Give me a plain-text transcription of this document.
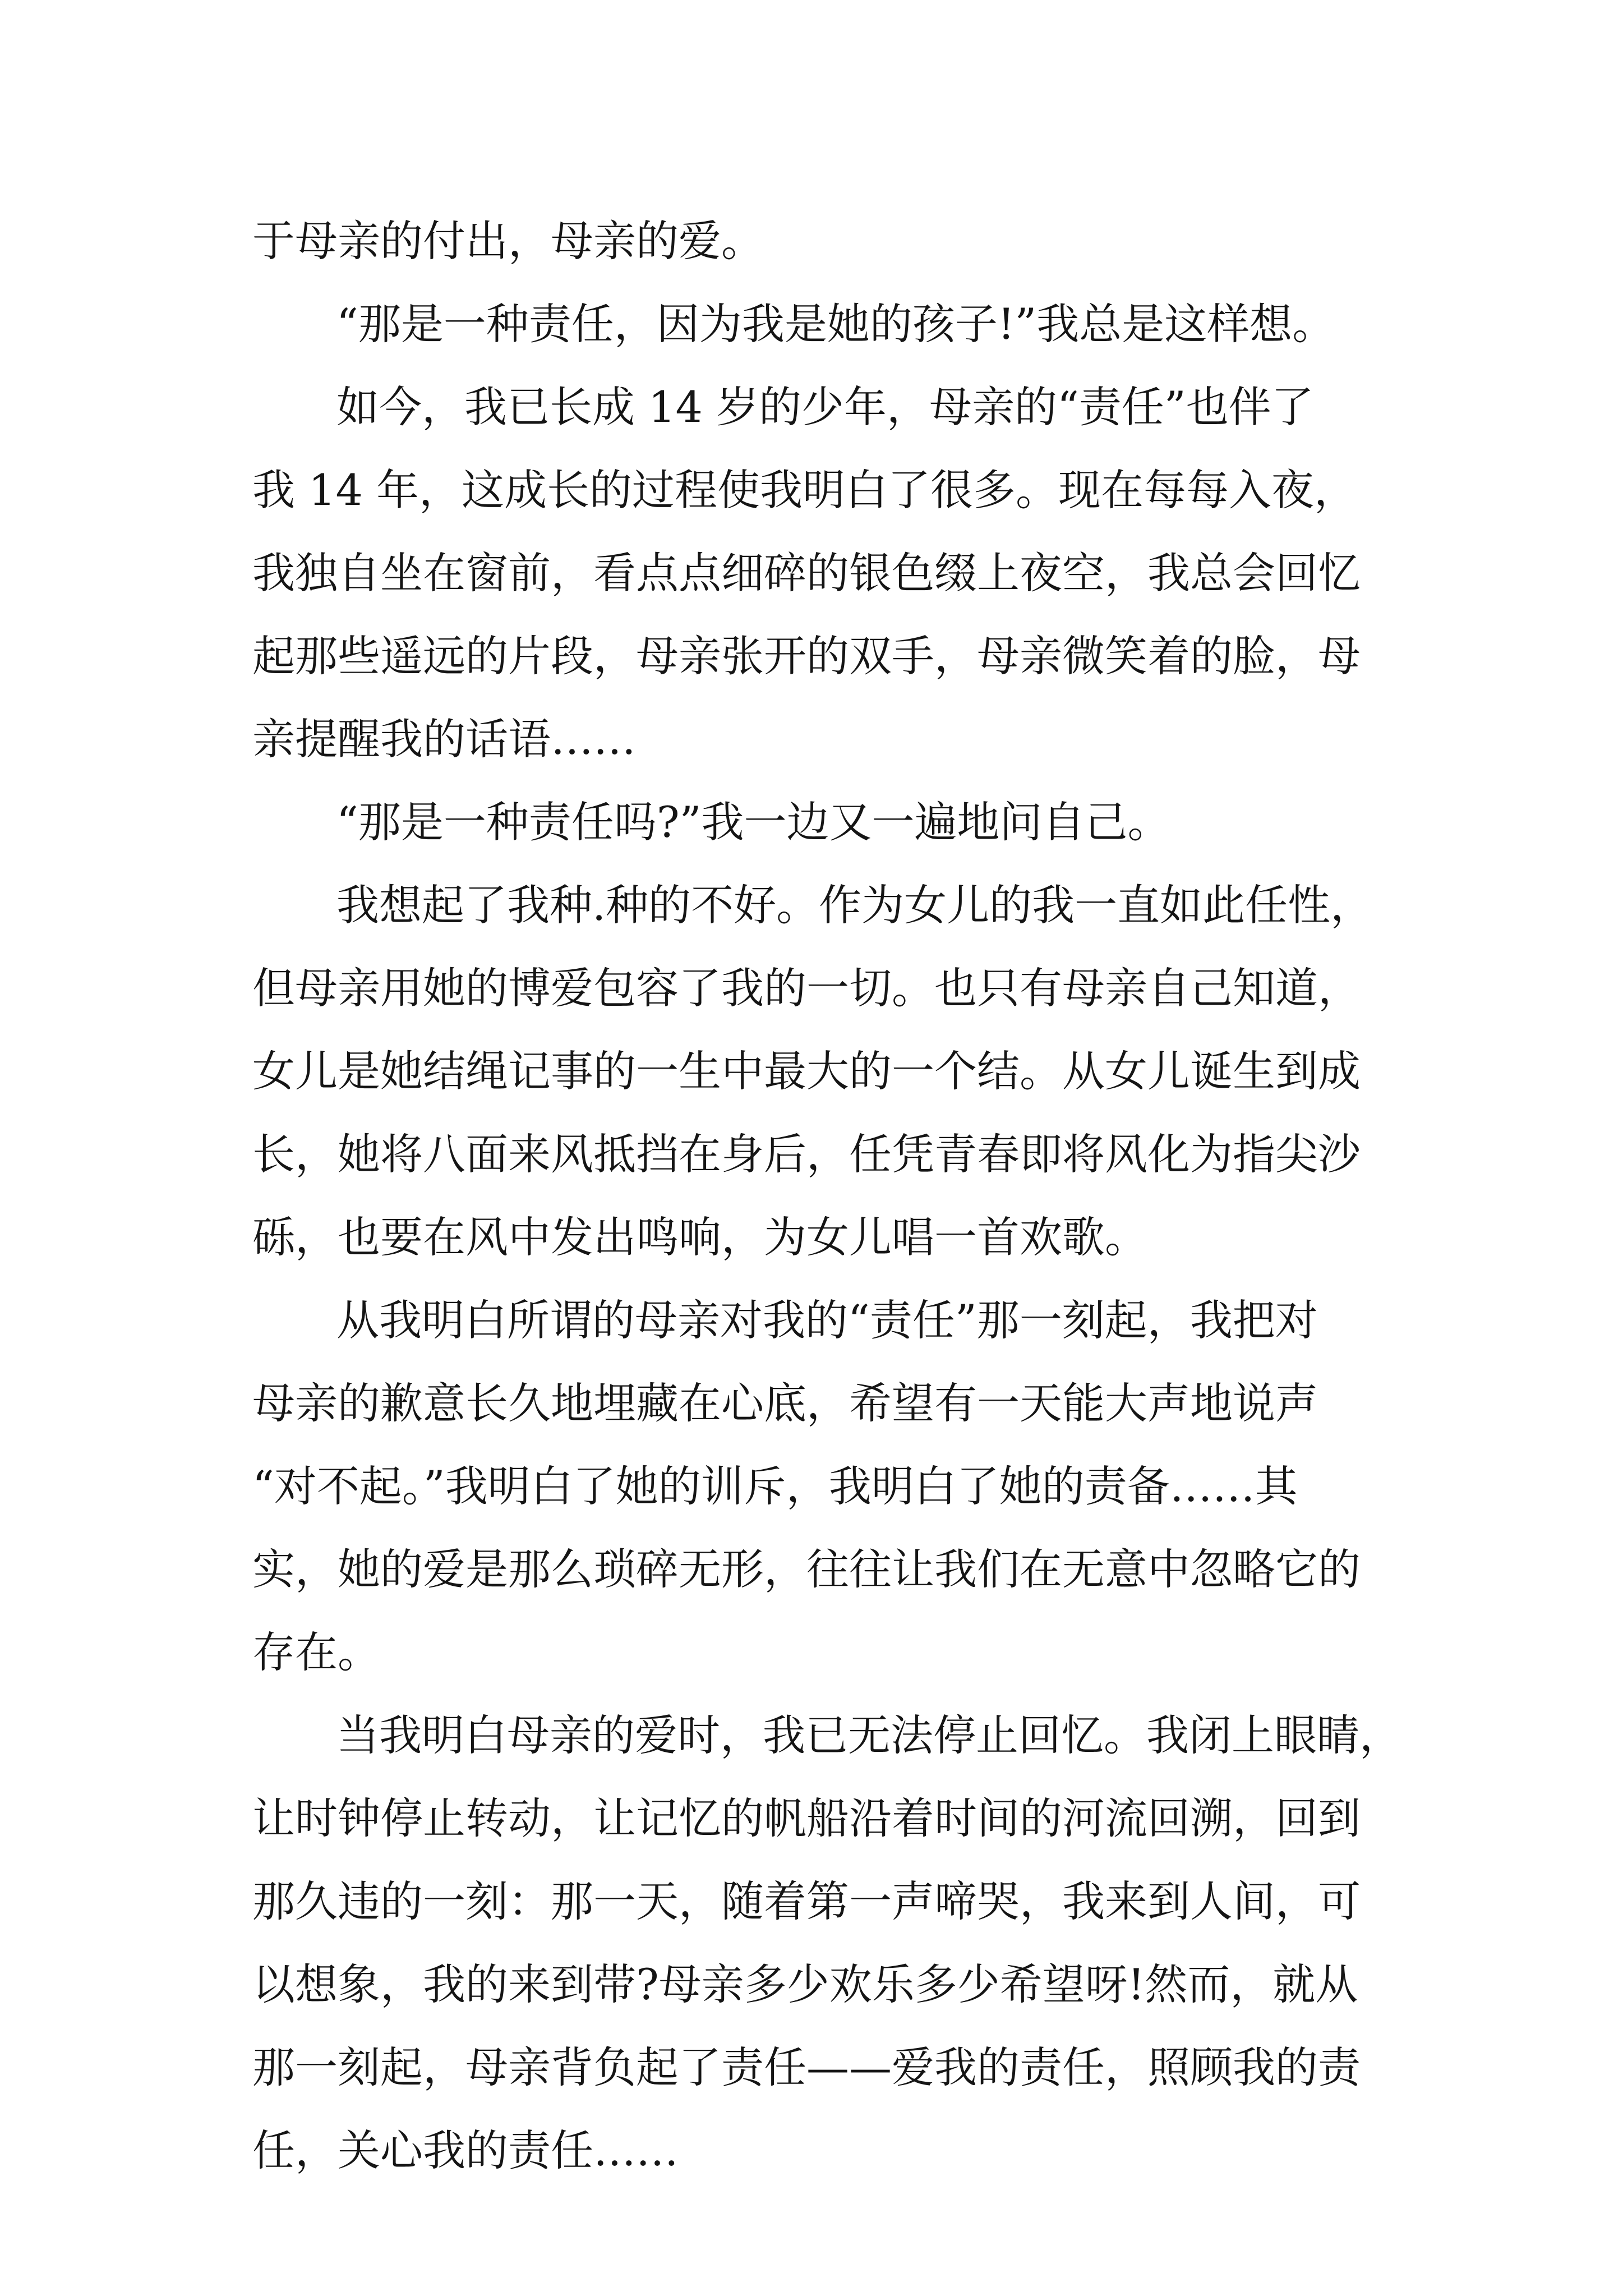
于母亲的付出，母亲的爱。
“那是一种责任，因为我是她的孩子!”我总是这样想。
如今，我已长成 14 岁的少年，母亲的“责任”也伴了
我 14 年，这成长的过程使我明白了很多。现在每每入夜，
我独自坐在窗前，看点点细碎的银色缀上夜空，我总会回忆
起那些遥远的片段，母亲张开的双手，母亲微笑着的脸，母
亲提醒我的话语……
“那是一种责任吗?”我一边又一遍地问自己。
我想起了我种.种的不好。作为女儿的我一直如此任性，
但母亲用她的博爱包容了我的一切。也只有母亲自己知道，
女儿是她结绳记事的一生中最大的一个结。从女儿诞生到成
长，她将八面来风抵挡在身后，任凭青春即将风化为指尖沙
砾，也要在风中发出鸣响，为女儿唱一首欢歌。
从我明白所谓的母亲对我的“责任”那一刻起，我把对
母亲的歉意长久地埋藏在心底，希望有一天能大声地说声
“对不起。”我明白了她的训斥，我明白了她的责备……其
实，她的爱是那么琐碎无形，往往让我们在无意中忽略它的
存在。
当我明白母亲的爱时，我已无法停止回忆。我闭上眼睛，
让时钟停止转动，让记忆的帆船沿着时间的河流回溯，回到
那久违的一刻：那一天，随着第一声啼哭，我来到人间，可
以想象，我的来到带?母亲多少欢乐多少希望呀!然而，就从
那一刻起，母亲背负起了责任——爱我的责任，照顾我的责
任，关心我的责任……
